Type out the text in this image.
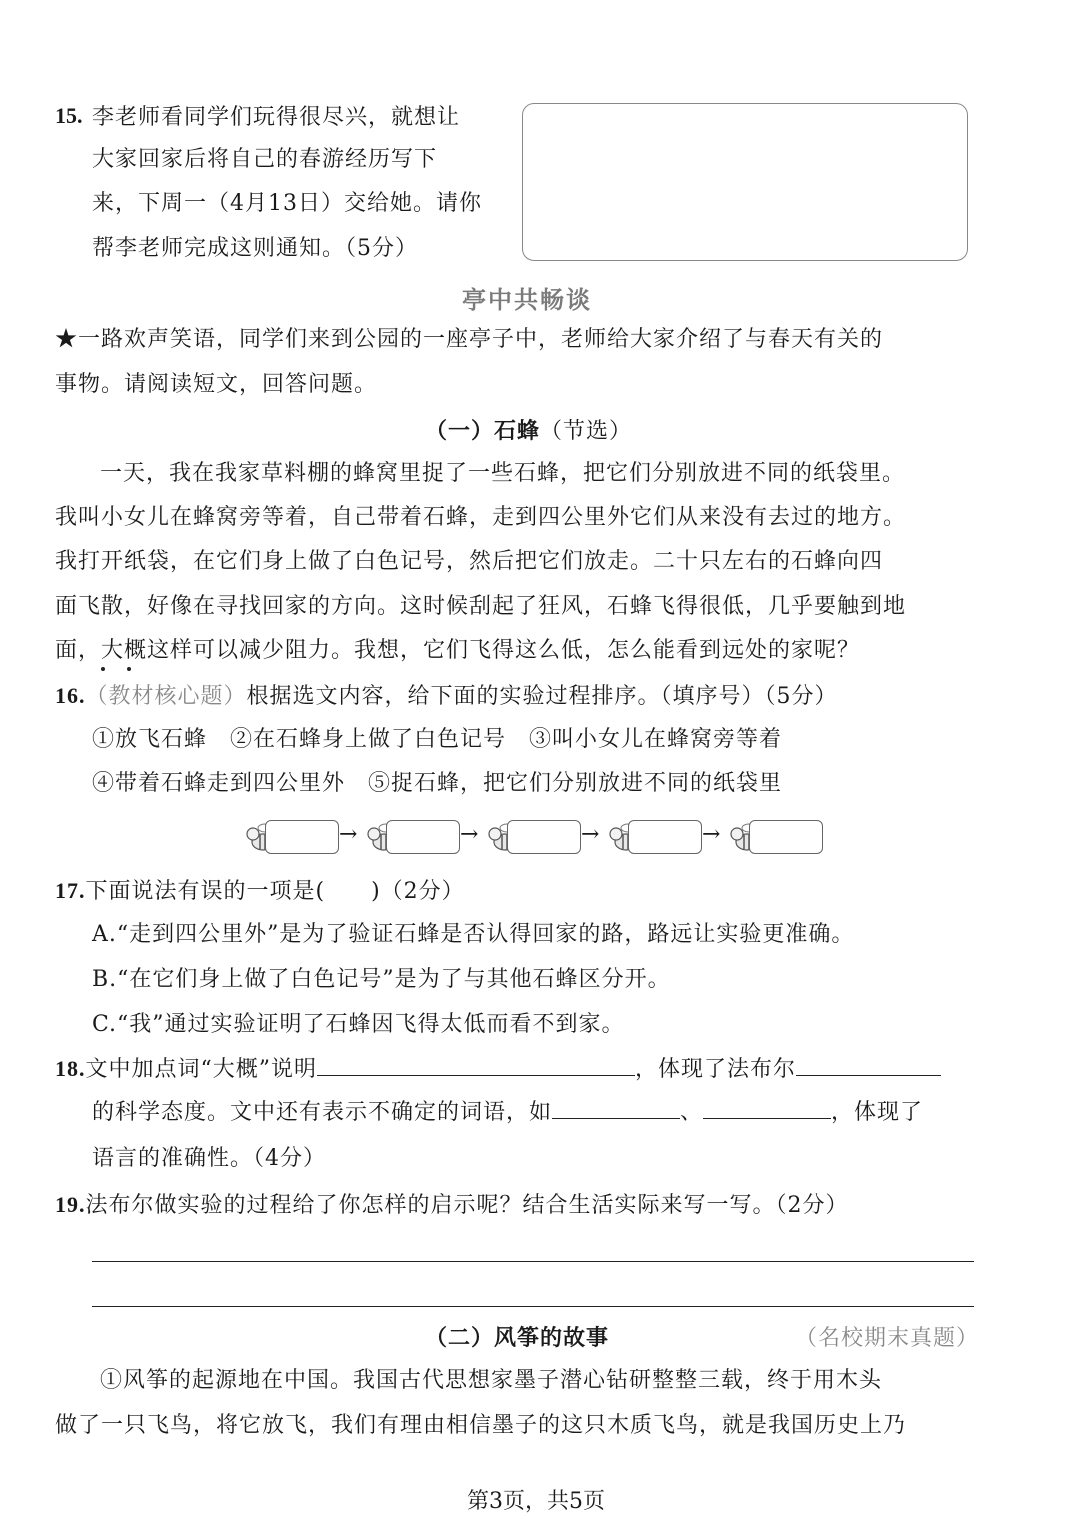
15. 李老师看同学们玩得很尽兴，就想让
大家回家后将自己的春游经历写下
来，下周一（4月13日）交给她。请你
帮李老师完成这则通知。（5分）
亭中共畅谈
★一路欢声笑语，同学们来到公园的一座亭子中，老师给大家介绍了与春天有关的
事物。请阅读短文，回答问题。
（一）石蜂（节选）
一天，我在我家草料棚的蜂窝里捉了一些石蜂，把它们分别放进不同的纸袋里。
我叫小女儿在蜂窝旁等着，自己带着石蜂，走到四公里外它们从来没有去过的地方。
我打开纸袋，在它们身上做了白色记号，然后把它们放走。二十只左右的石蜂向四
面飞散，好像在寻找回家的方向。这时候刮起了狂风，石蜂飞得很低，几乎要触到地
面，大概这样可以减少阻力。我想，它们飞得这么低，怎么能看到远处的家呢？
16.（教材核心题）根据选文内容，给下面的实验过程排序。（填序号）（5分）
①放飞石蜂　②在石蜂身上做了白色记号　③叫小女儿在蜂窝旁等着
④带着石蜂走到四公里外　⑤捉石蜂，把它们分别放进不同的纸袋里
→	→	→	→
17.下面说法有误的一项是(　　)（2分）
A.“走到四公里外”是为了验证石蜂是否认得回家的路，路远让实验更准确。
B.“在它们身上做了白色记号”是为了与其他石蜂区分开。
C.“我”通过实验证明了石蜂因飞得太低而看不到家。
18.文中加点词“大概”说明	，体现了法布尔
的科学态度。文中还有表示不确定的词语，如	、	，体现了
语言的准确性。（4分）
19.法布尔做实验的过程给了你怎样的启示呢？结合生活实际来写一写。（2分）
（二）风筝的故事	（名校期末真题）
①风筝的起源地在中国。我国古代思想家墨子潜心钻研整整三载，终于用木头
做了一只飞鸟，将它放飞，我们有理由相信墨子的这只木质飞鸟，就是我国历史上乃
第3页，共5页
